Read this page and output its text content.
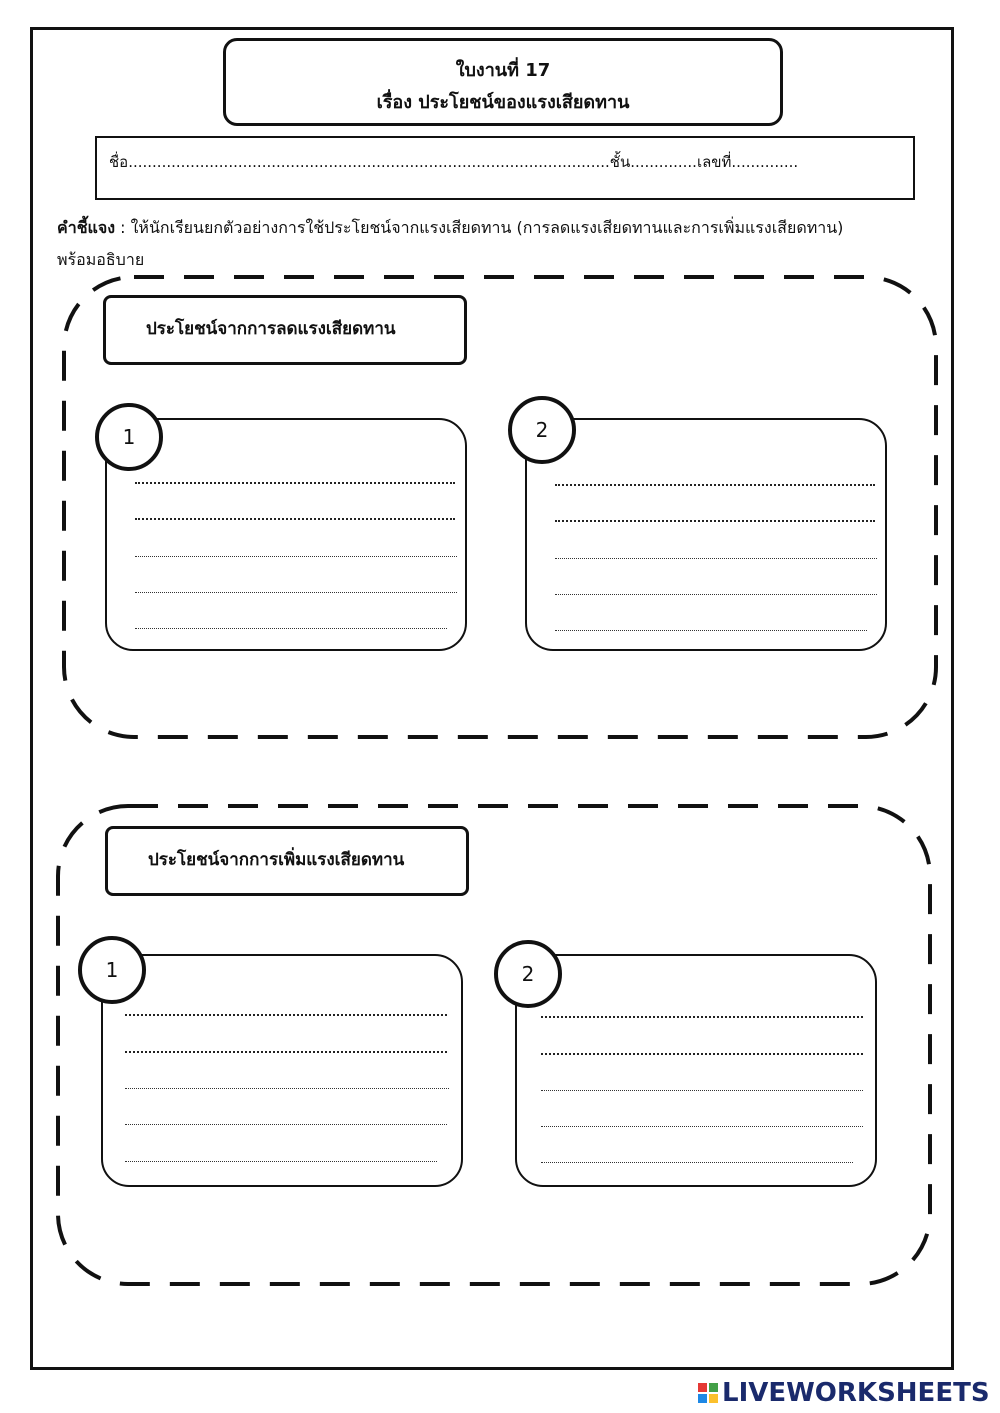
ใบงานที่ 17
เรื่อง ประโยชน์ของแรงเสียดทาน
ชื่อ.....................................................................................................ชั้น..............เลขที่..............
คำชี้แจง : ให้นักเรียนยกตัวอย่างการใช้ประโยชน์จากแรงเสียดทาน (การลดแรงเสียดทานและการเพิ่มแรงเสียดทาน)
พร้อมอธิบาย
ประโยชน์จากการลดแรงเสียดทาน
1	2
ประโยชน์จากการเพิ่มแรงเสียดทาน
1	2
LIVEWORKSHEETS
